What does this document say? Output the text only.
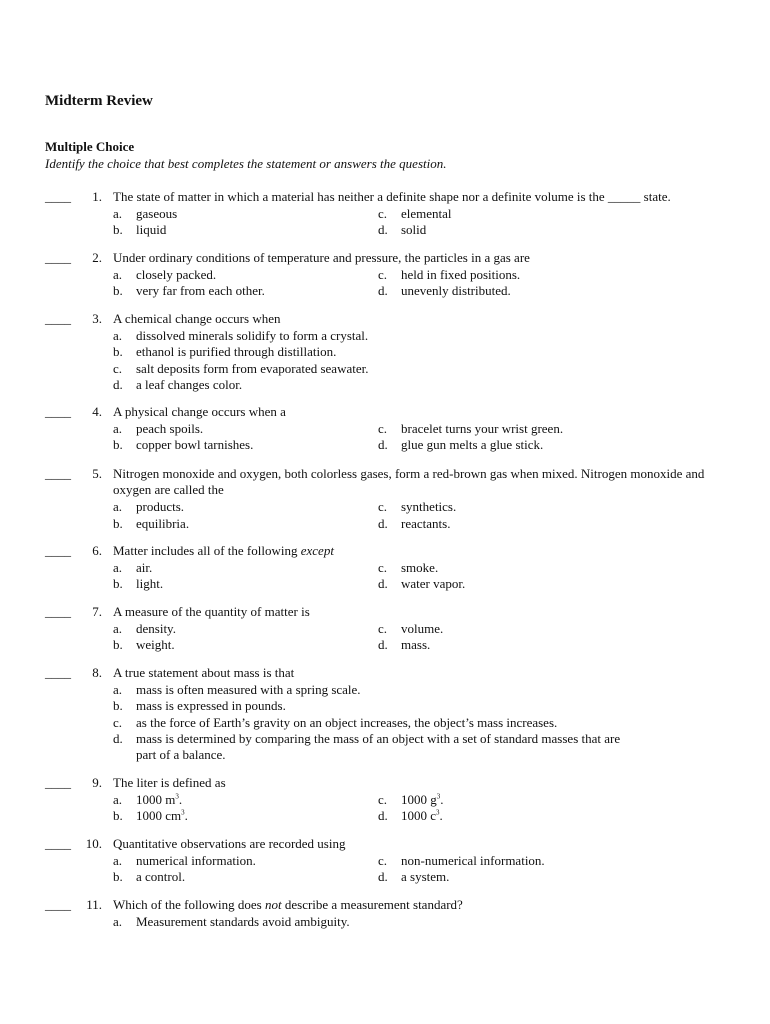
Midterm Review
Multiple Choice
Identify the choice that best completes the statement or answers the question.
____	1. The state of matter in which a material has neither a definite shape nor a definite volume is the _____ state.
a. gaseous
b. liquid
c. elemental
d. solid
____	2. Under ordinary conditions of temperature and pressure, the particles in a gas are
a. closely packed.
b. very far from each other.
c. held in fixed positions.
d. unevenly distributed.
____	3. A chemical change occurs when
a. dissolved minerals solidify to form a crystal.
b. ethanol is purified through distillation.
c. salt deposits form from evaporated seawater.
d. a leaf changes color.
____	4. A physical change occurs when a
a. peach spoils.
b. copper bowl tarnishes.
c. bracelet turns your wrist green.
d. glue gun melts a glue stick.
____	5. Nitrogen monoxide and oxygen, both colorless gases, form a red-brown gas when mixed. Nitrogen monoxide and oxygen are called the
a. products.
b. equilibria.
c. synthetics.
d. reactants.
____	6. Matter includes all of the following except
a. air.
b. light.
c. smoke.
d. water vapor.
____	7. A measure of the quantity of matter is
a. density.
b. weight.
c. volume.
d. mass.
____	8. A true statement about mass is that
a. mass is often measured with a spring scale.
b. mass is expressed in pounds.
c. as the force of Earth’s gravity on an object increases, the object’s mass increases.
d. mass is determined by comparing the mass of an object with a set of standard masses that are part of a balance.
____	9. The liter is defined as
a. 1000 $m^3$.
b. 1000 $cm^3$.
c. 1000 $g^3$.
d. 1000 $c^3$.
____	10. Quantitative observations are recorded using
a. numerical information.
b. a control.
c. non-numerical information.
d. a system.
____	11. Which of the following does not describe a measurement standard?
a. Measurement standards avoid ambiguity.
